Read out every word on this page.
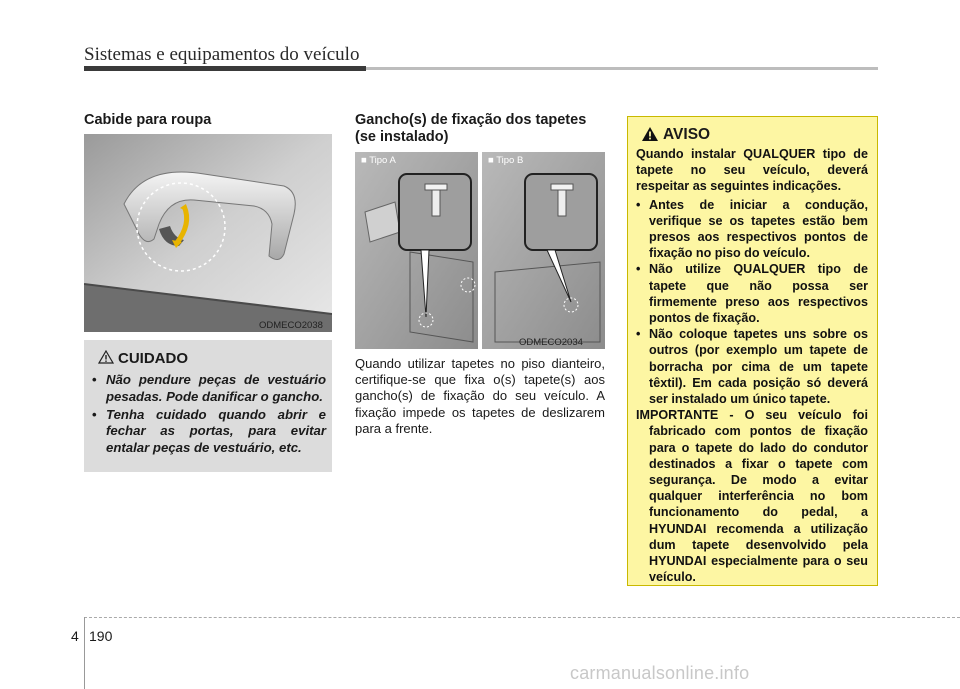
Sistemas e equipamentos do veículo
Cabide para roupa
ODMECO2038
CUIDADO
• Não pendure peças de vestuário pesadas. Pode danificar o gancho.
• Tenha cuidado quando abrir e fechar as portas, para evitar entalar peças de vestuário, etc.
Gancho(s) de fixação dos tapetes (se instalado)
■ Tipo A	■ Tipo B
ODMECO2034
Quando utilizar tapetes no piso dianteiro, certifique-se que fixa o(s) tapete(s) aos gancho(s) de fixação do seu veículo. A fixação impede os tapetes de deslizarem para a frente.
AVISO

Quando instalar QUALQUER tipo de tapete no seu veículo, deverá respeitar as seguintes indicações.

• Antes de iniciar a condução, verifique se os tapetes estão bem presos aos respectivos pontos de fixação no piso do veículo.
• Não utilize QUALQUER tipo de tapete que não possa ser firmemente preso aos respectivos pontos de fixação.
• Não coloque tapetes uns sobre os outros (por exemplo um tapete de borracha por cima de um tapete têxtil). Em cada posição só deverá ser instalado um único tapete.

IMPORTANTE - O seu veículo foi fabricado com pontos de fixação para o tapete do lado do condutor destinados a fixar o tapete com segurança. De modo a evitar qualquer interferência no bom funcionamento do pedal, a HYUNDAI recomenda a utilização dum tapete desenvolvido pela HYUNDAI especialmente para o seu veículo.

4 190
carmanualsonline.info
